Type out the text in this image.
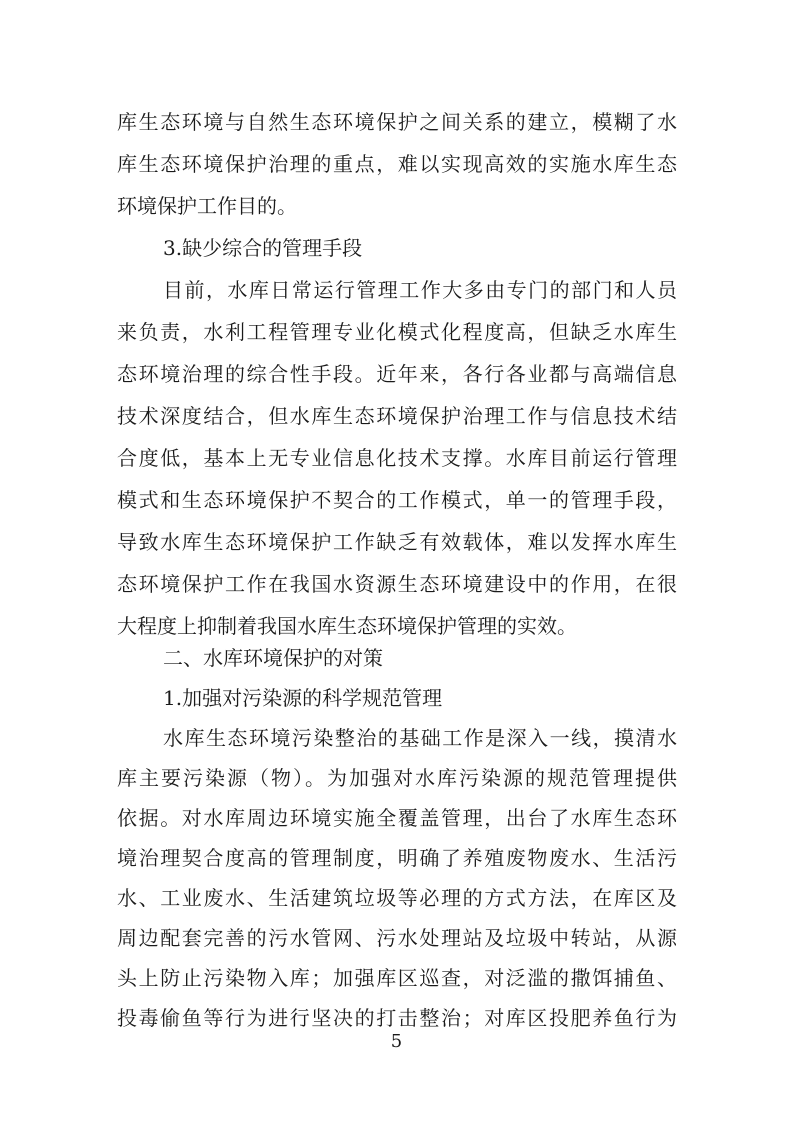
库生态环境与自然生态环境保护之间关系的建立，模糊了水
库生态环境保护治理的重点，难以实现高效的实施水库生态
环境保护工作目的。
3.缺少综合的管理手段
目前，水库日常运行管理工作大多由专门的部门和人员
来负责，水利工程管理专业化模式化程度高，但缺乏水库生
态环境治理的综合性手段。近年来，各行各业都与高端信息
技术深度结合，但水库生态环境保护治理工作与信息技术结
合度低，基本上无专业信息化技术支撑。水库目前运行管理
模式和生态环境保护不契合的工作模式，单一的管理手段，
导致水库生态环境保护工作缺乏有效载体，难以发挥水库生
态环境保护工作在我国水资源生态环境建设中的作用，在很
大程度上抑制着我国水库生态环境保护管理的实效。
二、水库环境保护的对策
1.加强对污染源的科学规范管理
水库生态环境污染整治的基础工作是深入一线，摸清水
库主要污染源（物）。为加强对水库污染源的规范管理提供
依据。对水库周边环境实施全覆盖管理，出台了水库生态环
境治理契合度高的管理制度，明确了养殖废物废水、生活污
水、工业废水、生活建筑垃圾等必理的方式方法，在库区及
周边配套完善的污水管网、污水处理站及垃圾中转站，从源
5
头上防止污染物入库；加强库区巡查，对泛滥的撒饵捕鱼、
投毒偷鱼等行为进行坚决的打击整治；对库区投肥养鱼行为
